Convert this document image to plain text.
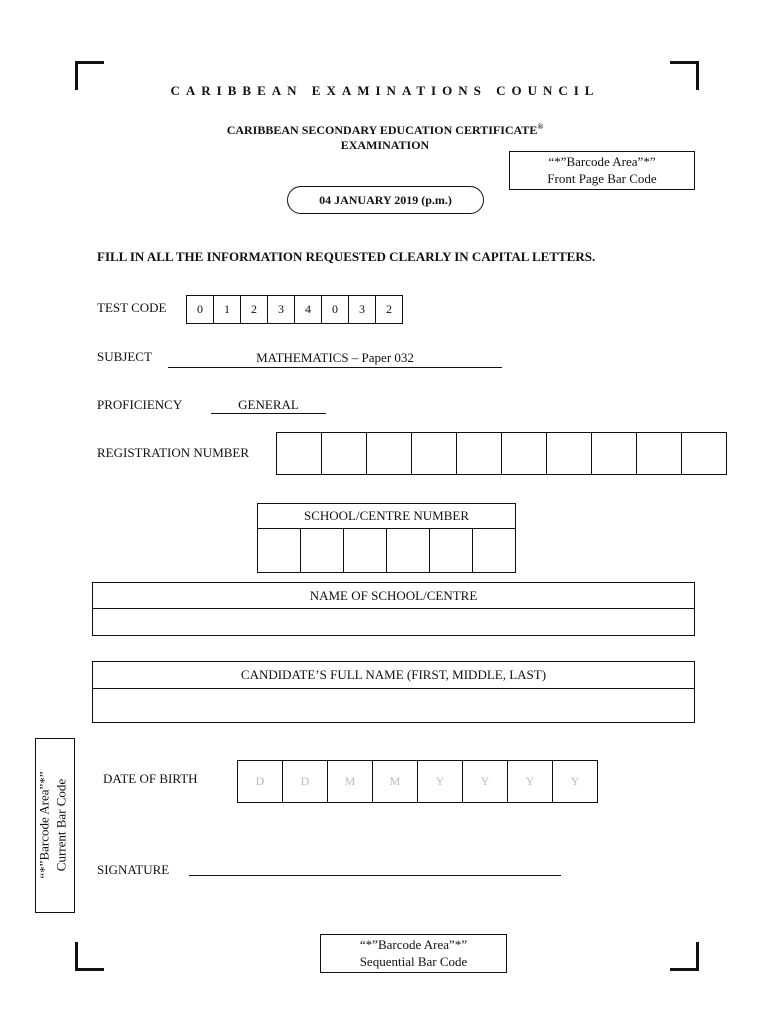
CARIBBEAN EXAMINATIONS COUNCIL
CARIBBEAN SECONDARY EDUCATION CERTIFICATE®
EXAMINATION
“*”Barcode Area”*”
Front Page Bar Code
04 JANUARY 2019 (p.m.)
FILL IN ALL THE INFORMATION REQUESTED CLEARLY IN CAPITAL LETTERS.
TEST CODE	0	1	2	3	4	0	3	2
SUBJECT	MATHEMATICS – Paper 032
PROFICIENCY	GENERAL
REGISTRATION NUMBER
SCHOOL/CENTRE NUMBER
NAME OF SCHOOL/CENTRE
CANDIDATE’S FULL NAME (FIRST, MIDDLE, LAST)
“*”Barcode Area”*” Current Bar Code
DATE OF BIRTH	D	D	M	M	Y	Y	Y	Y
SIGNATURE
“*”Barcode Area”*”
Sequential Bar Code
